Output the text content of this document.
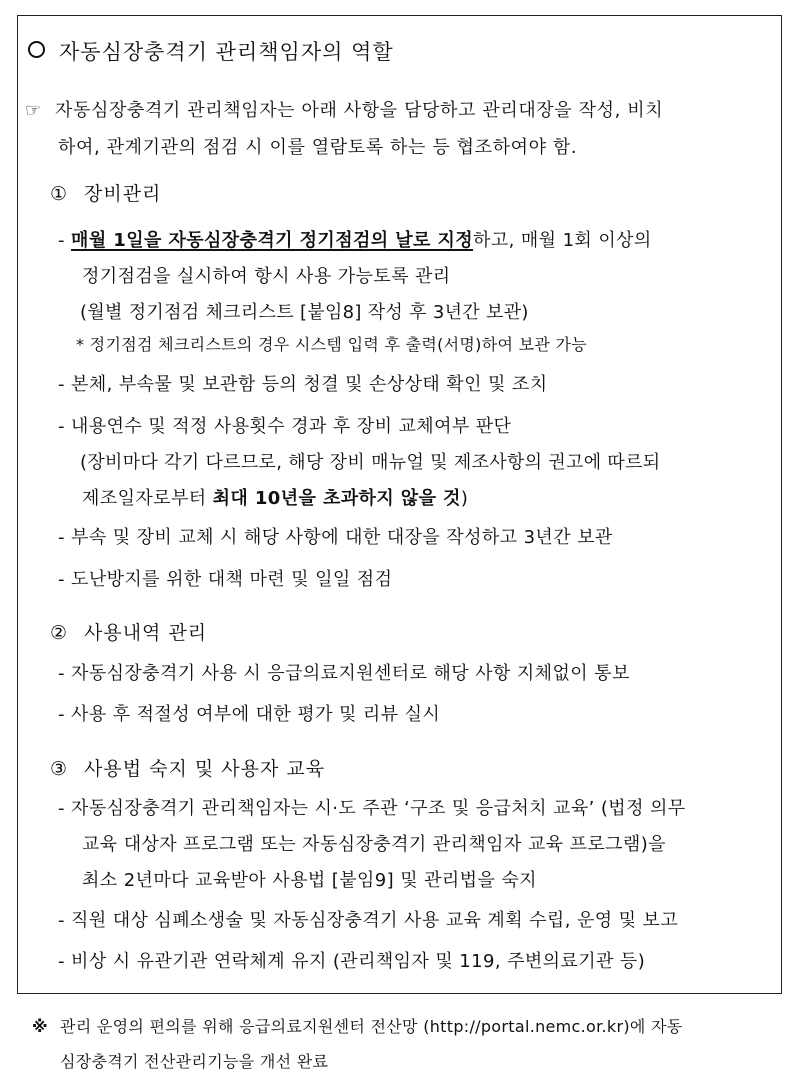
자동심장충격기 관리책임자의 역할
☞ 자동심장충격기 관리책임자는 아래 사항을 담당하고 관리대장을 작성, 비치
하여, 관계기관의 점검 시 이를 열람토록 하는 등 협조하여야 함.
① 장비관리
- 매월 1일을 자동심장충격기 정기점검의 날로 지정하고, 매월 1회 이상의
정기점검을 실시하여 항시 사용 가능토록 관리
(월별 정기점검 체크리스트 [붙임8] 작성 후 3년간 보관)
* 정기점검 체크리스트의 경우 시스템 입력 후 출력(서명)하여 보관 가능
- 본체, 부속물 및 보관함 등의 청결 및 손상상태 확인 및 조치
- 내용연수 및 적정 사용횟수 경과 후 장비 교체여부 판단
(장비마다 각기 다르므로, 해당 장비 매뉴얼 및 제조사항의 권고에 따르되
제조일자로부터 최대 10년을 초과하지 않을 것)
- 부속 및 장비 교체 시 해당 사항에 대한 대장을 작성하고 3년간 보관
- 도난방지를 위한 대책 마련 및 일일 점검
② 사용내역 관리
- 자동심장충격기 사용 시 응급의료지원센터로 해당 사항 지체없이 통보
- 사용 후 적절성 여부에 대한 평가 및 리뷰 실시
③ 사용법 숙지 및 사용자 교육
- 자동심장충격기 관리책임자는 시·도 주관 ‘구조 및 응급처치 교육’ (법정 의무
교육 대상자 프로그램 또는 자동심장충격기 관리책임자 교육 프로그램)을
최소 2년마다 교육받아 사용법 [붙임9] 및 관리법을 숙지
- 직원 대상 심폐소생술 및 자동심장충격기 사용 교육 계획 수립, 운영 및 보고
- 비상 시 유관기관 연락체계 유지 (관리책임자 및 119, 주변의료기관 등)
※ 관리 운영의 편의를 위해 응급의료지원센터 전산망 (http://portal.nemc.or.kr)에 자동
심장충격기 전산관리기능을 개선 완료
